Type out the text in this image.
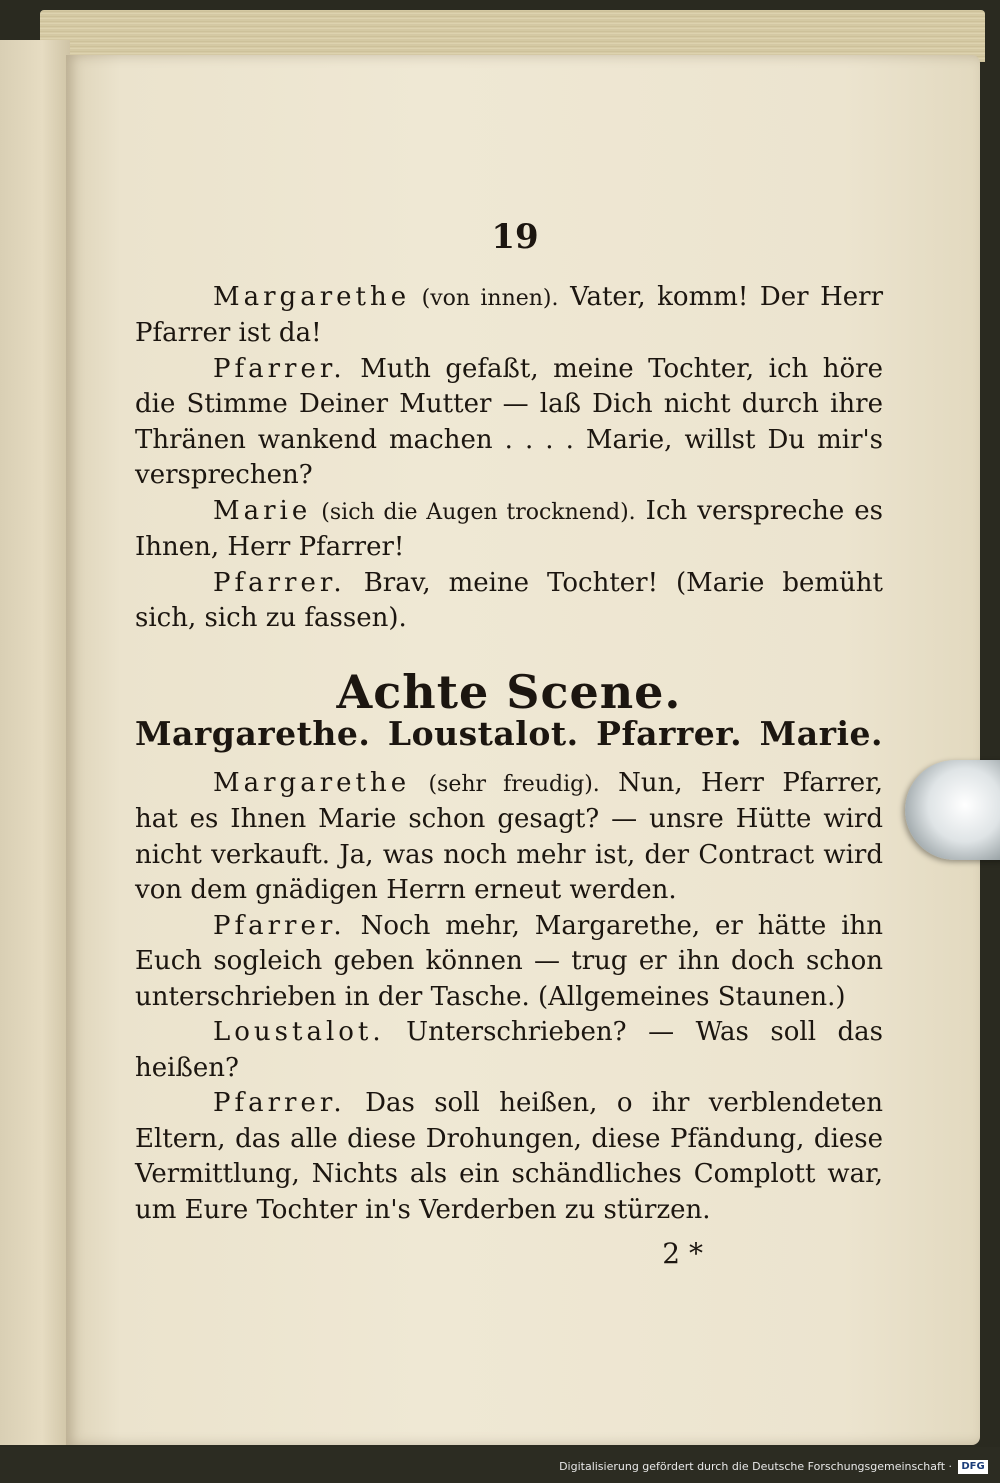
19

Margarethe (von innen). Vater, komm! Der Herr Pfarrer ist da!

Pfarrer. Muth gefaßt, meine Tochter, ich höre die Stimme Deiner Mutter — laß Dich nicht durch ihre Thränen wankend machen . . . . Marie, willst Du mir's versprechen?

Marie (sich die Augen trocknend). Ich verspreche es Ihnen, Herr Pfarrer!

Pfarrer. Brav, meine Tochter! (Marie bemüht sich, sich zu fassen).

Achte Scene.
Margarethe. Loustalot. Pfarrer. Marie.

Margarethe (sehr freudig). Nun, Herr Pfarrer, hat es Ihnen Marie schon gesagt? — unsre Hütte wird nicht verkauft. Ja, was noch mehr ist, der Contract wird von dem gnädigen Herrn erneut werden.

Pfarrer. Noch mehr, Margarethe, er hätte ihn Euch sogleich geben können — trug er ihn doch schon unterschrieben in der Tasche. (Allgemeines Staunen.)

Loustalot. Unterschrieben? — Was soll das heißen?

Pfarrer. Das soll heißen, o ihr verblendeten Eltern, das alle diese Drohungen, diese Pfändung, diese Vermittlung, Nichts als ein schändliches Complott war, um Eure Tochter in's Verderben zu stürzen.

2 *
Digitalisierung gefördert durch die Deutsche Forschungsgemeinschaft · DFG
